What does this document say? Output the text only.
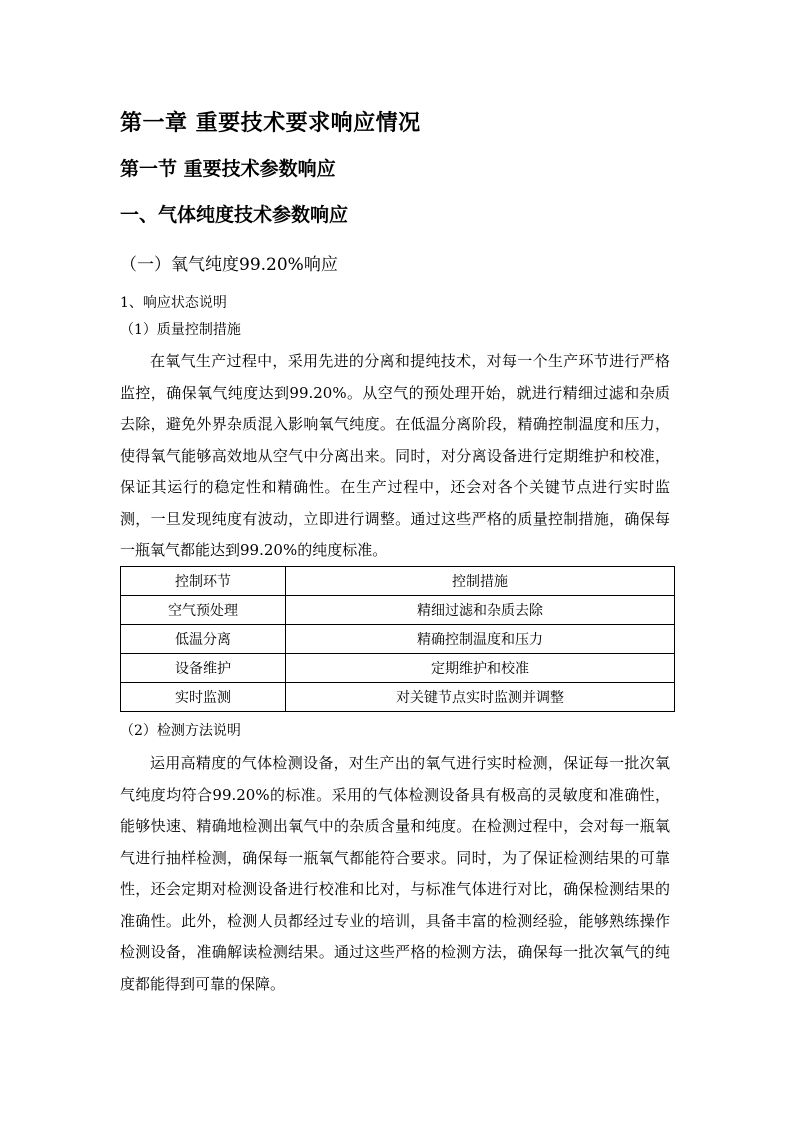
第一章 重要技术要求响应情况
第一节 重要技术参数响应
一、气体纯度技术参数响应
（一）氧气纯度99.20%响应
1、响应状态说明
（1）质量控制措施

在氧气生产过程中，采用先进的分离和提纯技术，对每一个生产环节进行严格监控，确保氧气纯度达到99.20%。从空气的预处理开始，就进行精细过滤和杂质去除，避免外界杂质混入影响氧气纯度。在低温分离阶段，精确控制温度和压力，使得氧气能够高效地从空气中分离出来。同时，对分离设备进行定期维护和校准，保证其运行的稳定性和精确性。在生产过程中，还会对各个关键节点进行实时监测，一旦发现纯度有波动，立即进行调整。通过这些严格的质量控制措施，确保每一瓶氧气都能达到99.20%的纯度标准。

控制环节	控制措施
空气预处理	精细过滤和杂质去除
低温分离	精确控制温度和压力
设备维护	定期维护和校准
实时监测	对关键节点实时监测并调整
（2）检测方法说明

运用高精度的气体检测设备，对生产出的氧气进行实时检测，保证每一批次氧气纯度均符合99.20%的标准。采用的气体检测设备具有极高的灵敏度和准确性，能够快速、精确地检测出氧气中的杂质含量和纯度。在检测过程中，会对每一瓶氧气进行抽样检测，确保每一瓶氧气都能符合要求。同时，为了保证检测结果的可靠性，还会定期对检测设备进行校准和比对，与标准气体进行对比，确保检测结果的准确性。此外，检测人员都经过专业的培训，具备丰富的检测经验，能够熟练操作检测设备，准确解读检测结果。通过这些严格的检测方法，确保每一批次氧气的纯度都能得到可靠的保障。
